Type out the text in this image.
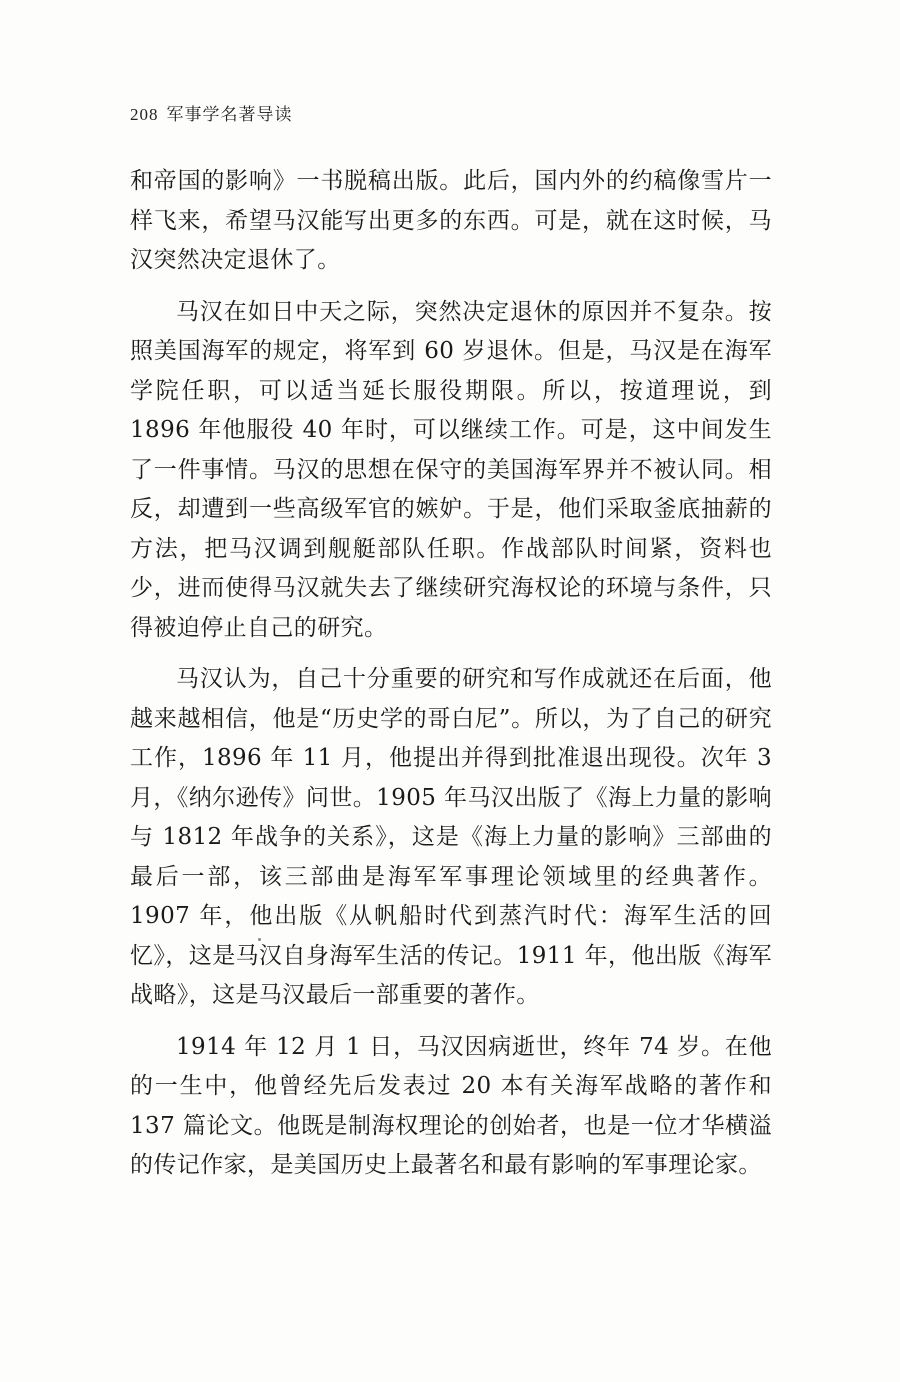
208 军事学名著导读

和帝国的影响》一书脱稿出版。此后，国内外的约稿像雪片一样飞来，希望马汉能写出更多的东西。可是，就在这时候，马汉突然决定退休了。

马汉在如日中天之际，突然决定退休的原因并不复杂。按照美国海军的规定，将军到 60 岁退休。但是，马汉是在海军学院任职，可以适当延长服役期限。所以，按道理说，到 1896 年他服役 40 年时，可以继续工作。可是，这中间发生了一件事情。马汉的思想在保守的美国海军界并不被认同。相反，却遭到一些高级军官的嫉妒。于是，他们采取釜底抽薪的方法，把马汉调到舰艇部队任职。作战部队时间紧，资料也少，进而使得马汉就失去了继续研究海权论的环境与条件，只得被迫停止自己的研究。

马汉认为，自己十分重要的研究和写作成就还在后面，他越来越相信，他是“历史学的哥白尼”。所以，为了自己的研究工作，1896 年 11 月，他提出并得到批准退出现役。次年 3 月，《纳尔逊传》问世。1905 年马汉出版了《海上力量的影响与 1812 年战争的关系》，这是《海上力量的影响》三部曲的最后一部，该三部曲是海军军事理论领域里的经典著作。1907 年，他出版《从帆船时代到蒸汽时代：海军生活的回忆》，这是马汉自身海军生活的传记。1911 年，他出版《海军战略》，这是马汉最后一部重要的著作。

1914 年 12 月 1 日，马汉因病逝世，终年 74 岁。在他的一生中，他曾经先后发表过 20 本有关海军战略的著作和 137 篇论文。他既是制海权理论的创始者，也是一位才华横溢的传记作家，是美国历史上最著名和最有影响的军事理论家。
